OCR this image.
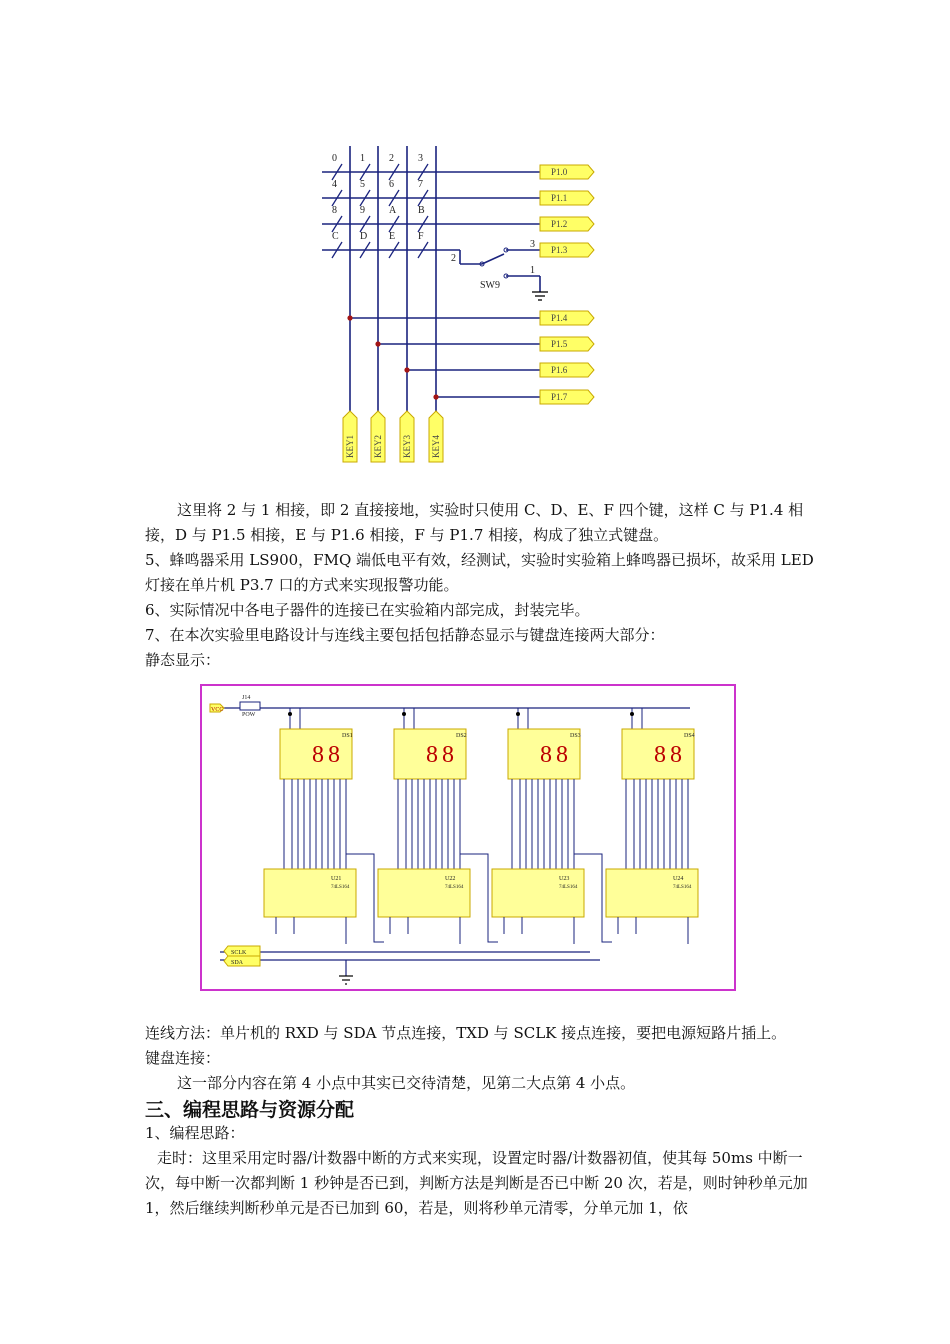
0 1 2 3
4 5 6 7
8 9 A B
C D E F
2
3
1
SW9
P1.0
P1.1
P1.2
P1.3
P1.4
P1.5
P1.6
P1.7
KEY1 KEY2 KEY3 KEY4

这里将 2 与 1 相接，即 2 直接接地，实验时只使用 C、D、E、F 四个键，这样 C 与 P1.4 相接，D 与 P1.5 相接，E 与 P1.6 相接，F 与 P1.7 相接，构成了独立式键盘。

5、蜂鸣器采用 LS900，FMQ 端低电平有效，经测试，实验时实验箱上蜂鸣器已损坏，故采用 LED 灯接在单片机 P3.7 口的方式来实现报警功能。

6、实际情况中各电子器件的连接已在实验箱内部完成，封装完毕。

7、在本次实验里电路设计与连线主要包括包括静态显示与键盘连接两大部分：

静态显示：

VCC
J14
POW
8 8
DS1
U21
74LS164
8 8
DS2
U22
74LS164
8 8
DS3
U23
74LS164
8 8
DS4
U24
74LS164
SCLK
SDA

连线方法：单片机的 RXD 与 SDA 节点连接，TXD 与 SCLK 接点连接，要把电源短路片插上。

键盘连接：

这一部分内容在第 4 小点中其实已交待清楚，见第二大点第 4 小点。

三、编程思路与资源分配

1、编程思路：

走时：这里采用定时器/计数器中断的方式来实现，设置定时器/计数器初值，使其每 50ms 中断一次，每中断一次都判断 1 秒钟是否已到，判断方法是判断是否已中断 20 次，若是，则时钟秒单元加 1，然后继续判断秒单元是否已加到 60，若是，则将秒单元清零，分单元加 1，依
